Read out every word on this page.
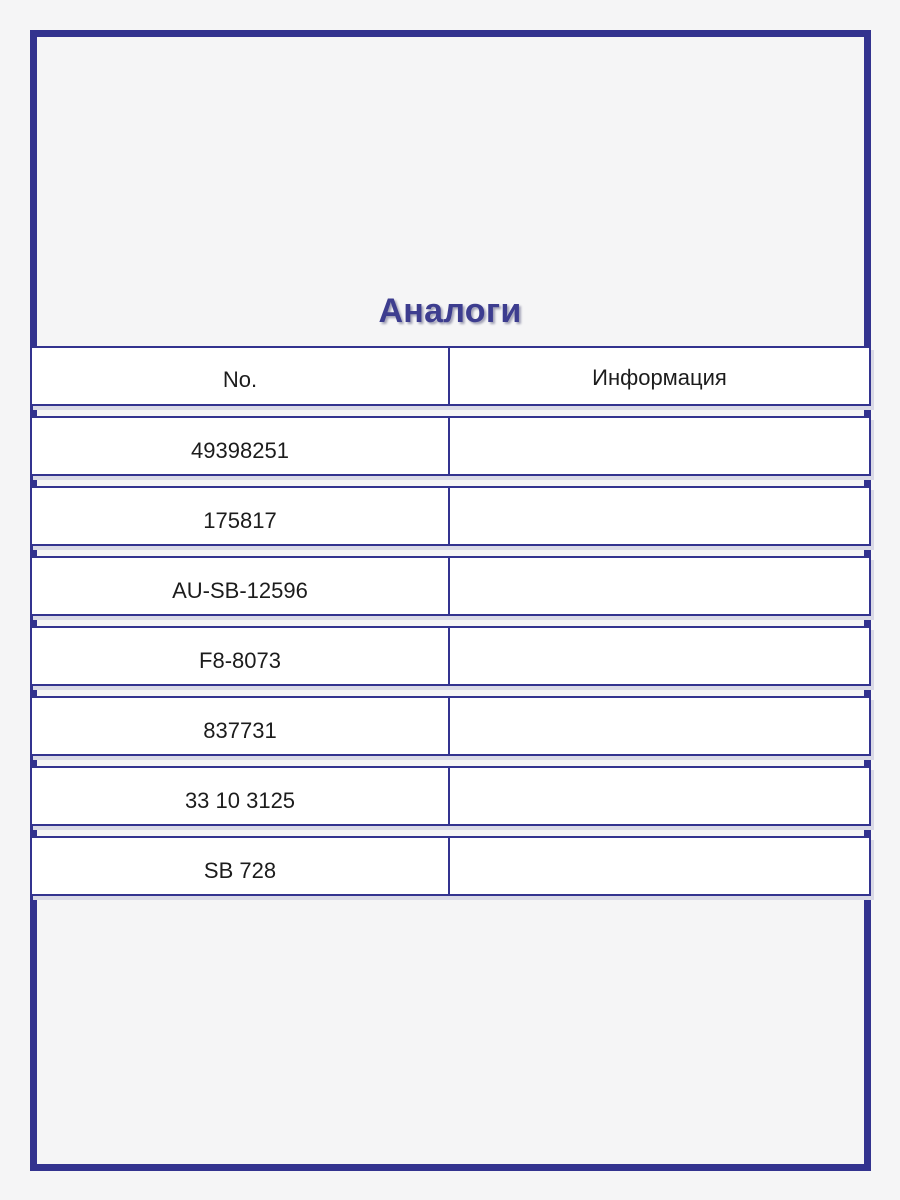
Аналоги
No.	Информация
49398251
175817
AU-SB-12596
F8-8073
837731
33 10 3125
SB 728
